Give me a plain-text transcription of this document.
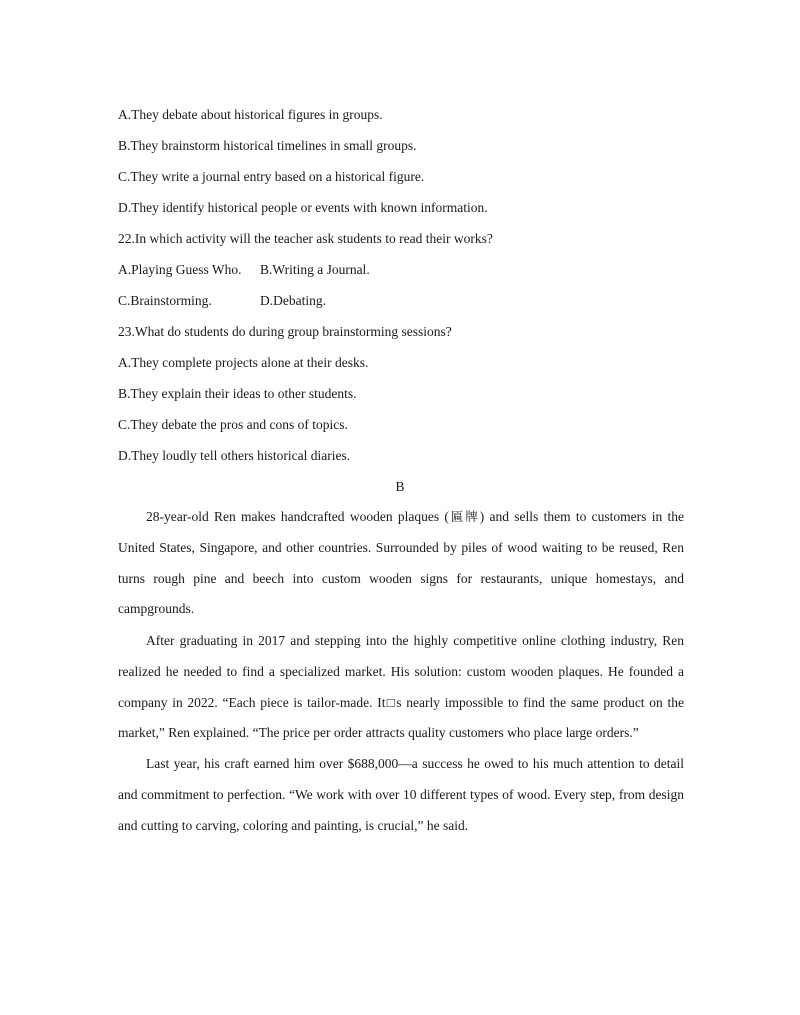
A.They debate about historical figures in groups.
B.They brainstorm historical timelines in small groups.
C.They write a journal entry based on a historical figure.
D.They identify historical people or events with known information.
22.In which activity will the teacher ask students to read their works?
A.Playing Guess Who. B.Writing a Journal.
C.Brainstorming.	D.Debating.
23.What do students do during group brainstorming sessions?
A.They complete projects alone at their desks.
B.They explain their ideas to other students.
C.They debate the pros and cons of topics.
D.They loudly tell others historical diaries.
B

28-year-old Ren makes handcrafted wooden plaques (匾牌) and sells them to customers in the United States, Singapore, and other countries. Surrounded by piles of wood waiting to be reused, Ren turns rough pine and beech into custom wooden signs for restaurants, unique homestays, and campgrounds.

After graduating in 2017 and stepping into the highly competitive online clothing industry, Ren realized he needed to find a specialized market. His solution: custom wooden plaques. He founded a company in 2022. “Each piece is tailor-made. It□s nearly impossible to find the same product on the market,” Ren explained. “The price per order attracts quality customers who place large orders.”

Last year, his craft earned him over $688,000—a success he owed to his much attention to detail and commitment to perfection. “We work with over 10 different types of wood. Every step, from design and cutting to carving, coloring and painting, is crucial,” he said.
